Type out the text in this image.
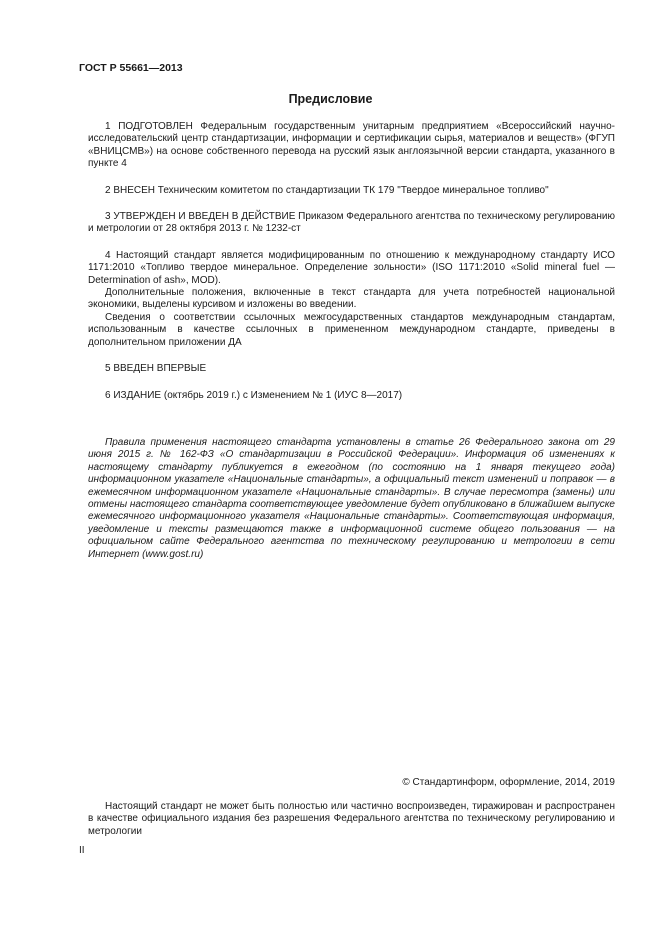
ГОСТ Р 55661—2013
Предисловие

1 ПОДГОТОВЛЕН Федеральным государственным унитарным предприятием «Всероссийский научно-исследовательский центр стандартизации, информации и сертификации сырья, материалов и веществ» (ФГУП «ВНИЦСМВ») на основе собственного перевода на русский язык англоязычной версии стандарта, указанного в пункте 4

2 ВНЕСЕН Техническим комитетом по стандартизации ТК 179 "Твердое минеральное топливо"

3 УТВЕРЖДЕН И ВВЕДЕН В ДЕЙСТВИЕ Приказом Федерального агентства по техническому регулированию и метрологии от 28 октября 2013 г. № 1232-ст

4 Настоящий стандарт является модифицированным по отношению к международному стандарту ИСО 1171:2010 «Топливо твердое минеральное. Определение зольности» (ISO 1171:2010 «Solid mineral fuel — Determination of ash», MOD).

Дополнительные положения, включенные в текст стандарта для учета потребностей национальной экономики, выделены курсивом и изложены во введении.

Сведения о соответствии ссылочных межгосударственных стандартов международным стандартам, использованным в качестве ссылочных в примененном международном стандарте, приведены в дополнительном приложении ДА

5 ВВЕДЕН ВПЕРВЫЕ

6 ИЗДАНИЕ (октябрь 2019 г.) с Изменением № 1 (ИУС 8—2017)

Правила применения настоящего стандарта установлены в статье 26 Федерального закона от 29 июня 2015 г. № 162-ФЗ «О стандартизации в Российской Федерации». Информация об изменениях к настоящему стандарту публикуется в ежегодном (по состоянию на 1 января текущего года) информационном указателе «Национальные стандарты», а официальный текст изменений и поправок — в ежемесячном информационном указателе «Национальные стандарты». В случае пересмотра (замены) или отмены настоящего стандарта соответствующее уведомление будет опубликовано в ближайшем выпуске ежемесячного информационного указателя «Национальные стандарты». Соответствующая информация, уведомление и тексты размещаются также в информационной системе общего пользования — на официальном сайте Федерального агентства по техническому регулированию и метрологии в сети Интернет (www.gost.ru)

© Стандартинформ, оформление, 2014, 2019

Настоящий стандарт не может быть полностью или частично воспроизведен, тиражирован и распространен в качестве официального издания без разрешения Федерального агентства по техническому регулированию и метрологии

II
